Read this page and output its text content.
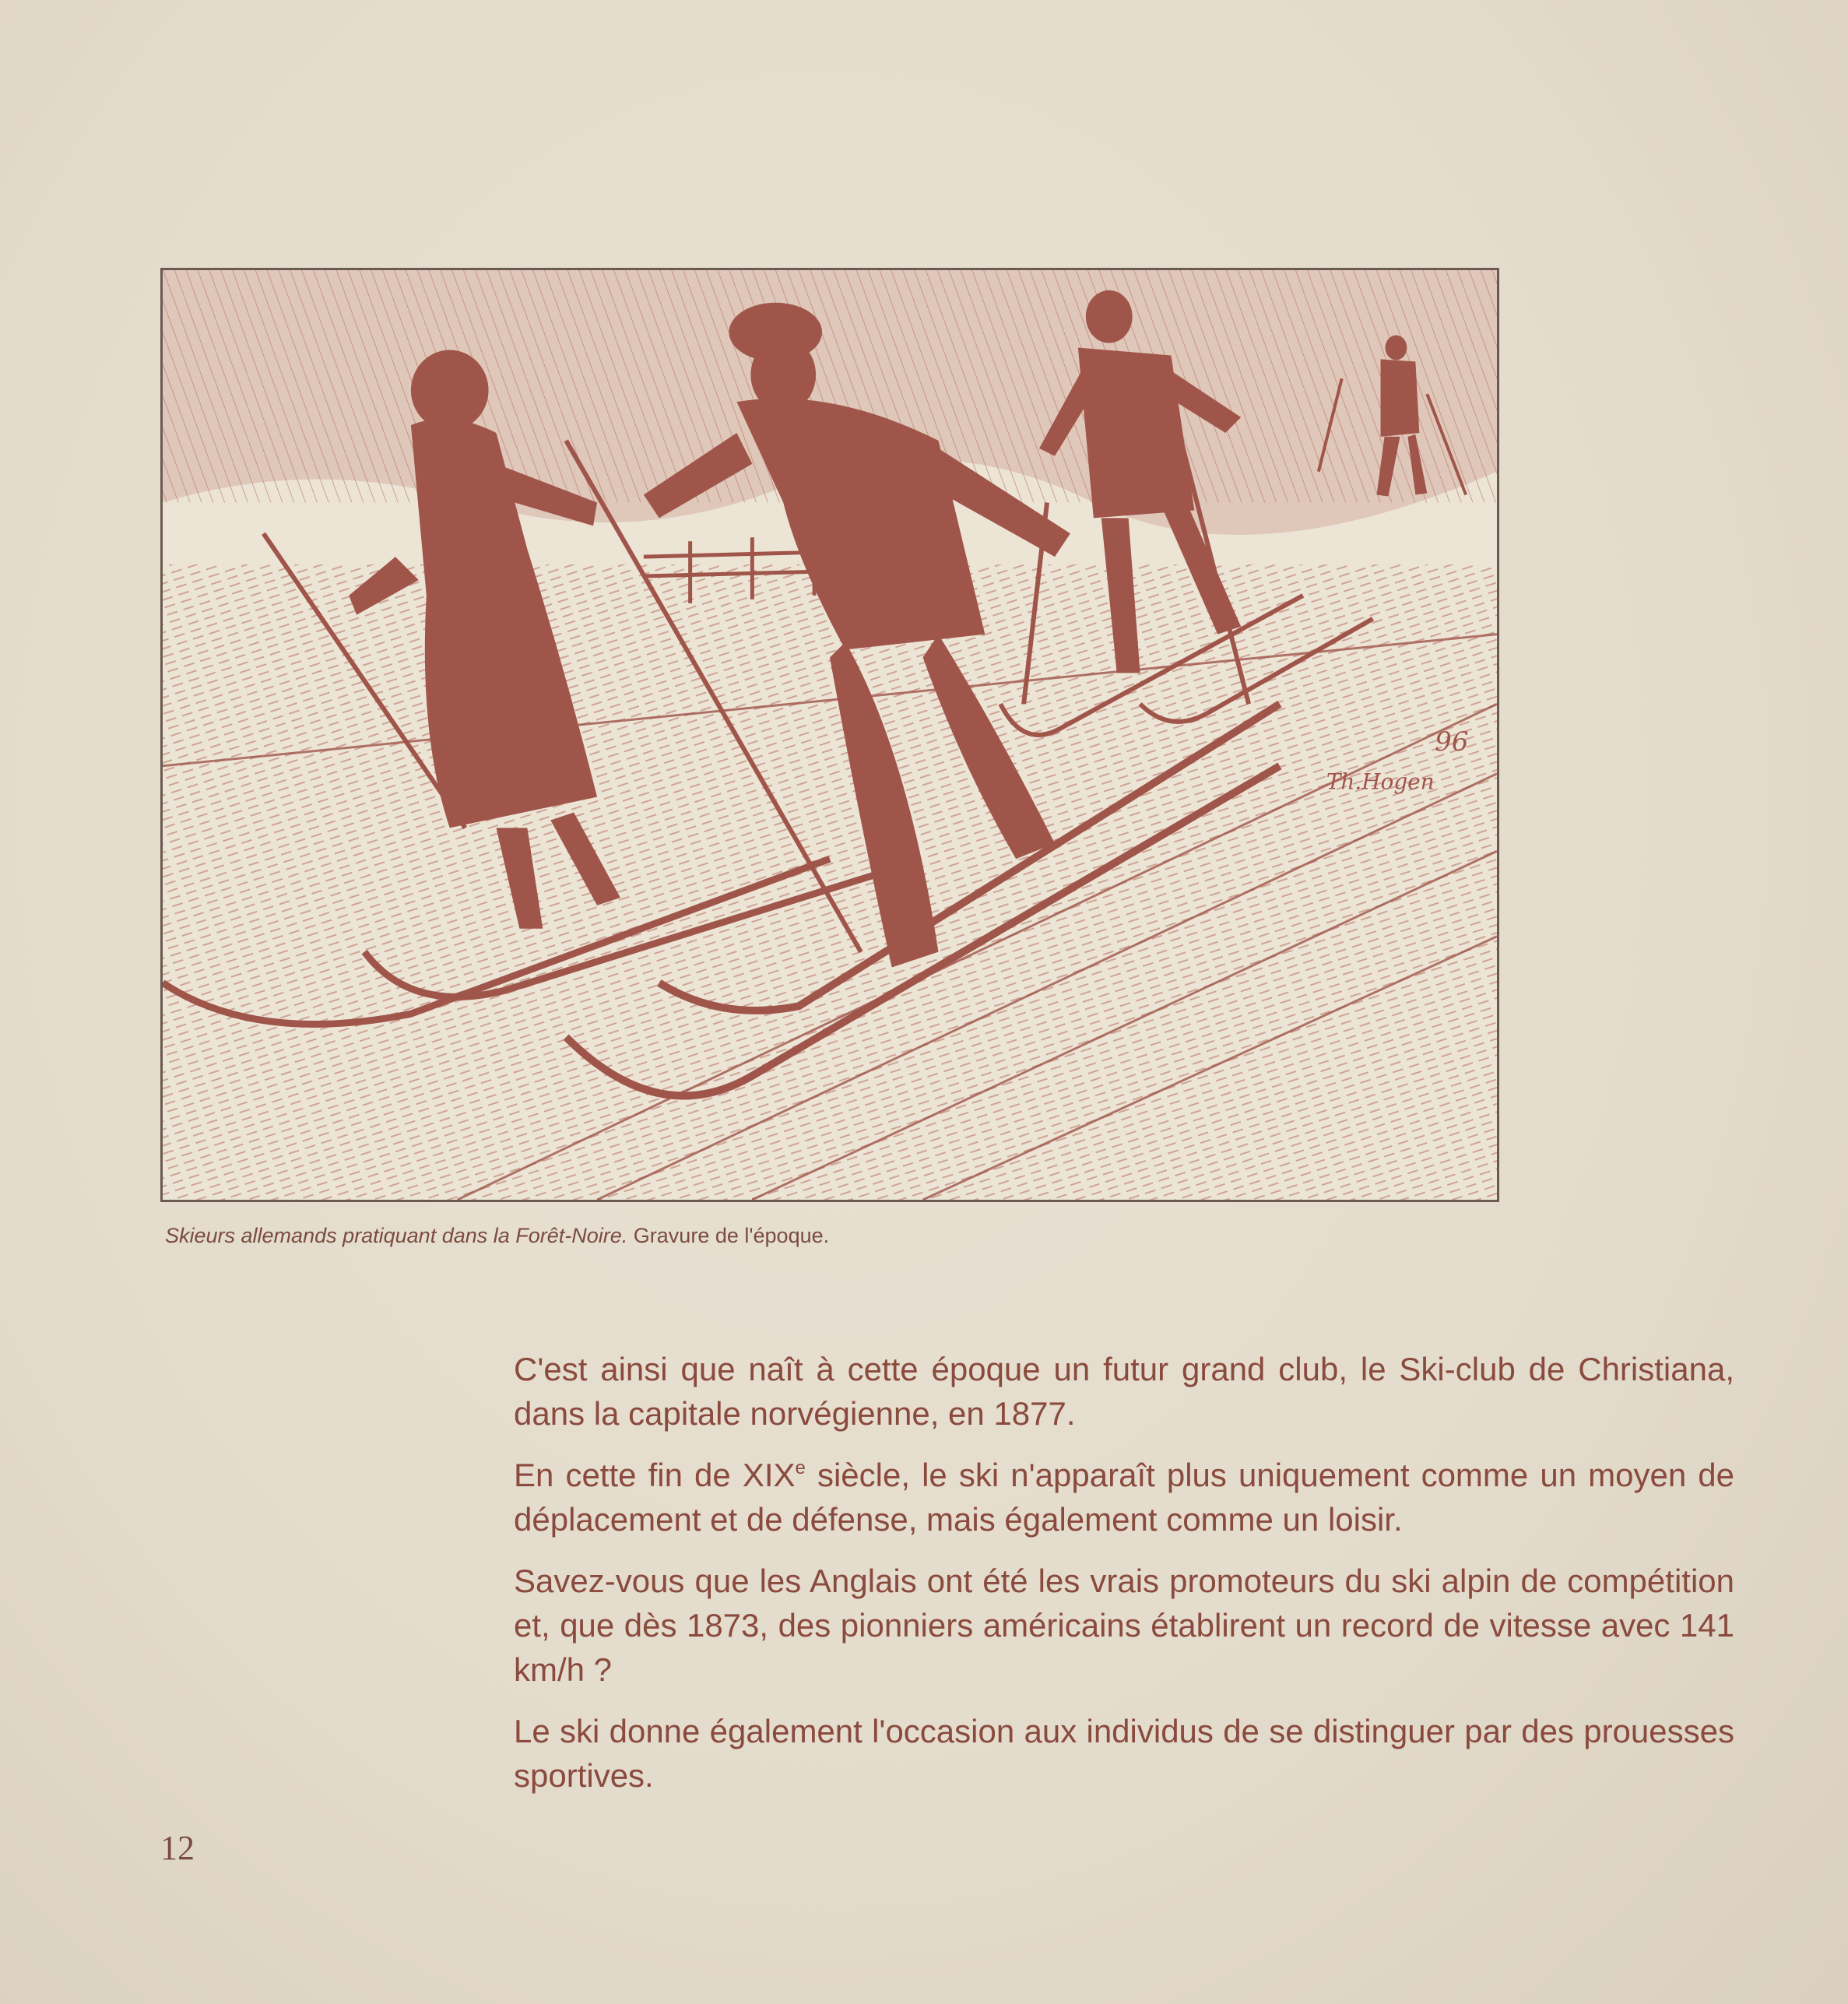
96
Th.Hogen
Skieurs allemands pratiquant dans la Forêt-Noire. Gravure de l'époque.

C'est ainsi que naît à cette époque un futur grand club, le Ski-club de Christiana, dans la capitale norvégienne, en 1877.

En cette fin de XIXe siècle, le ski n'apparaît plus uniquement comme un moyen de déplacement et de défense, mais également comme un loisir.

Savez-vous que les Anglais ont été les vrais promoteurs du ski alpin de compétition et, que dès 1873, des pionniers américains établirent un record de vitesse avec 141 km/h ?

Le ski donne également l'occasion aux individus de se distinguer par des prouesses sportives.

12
